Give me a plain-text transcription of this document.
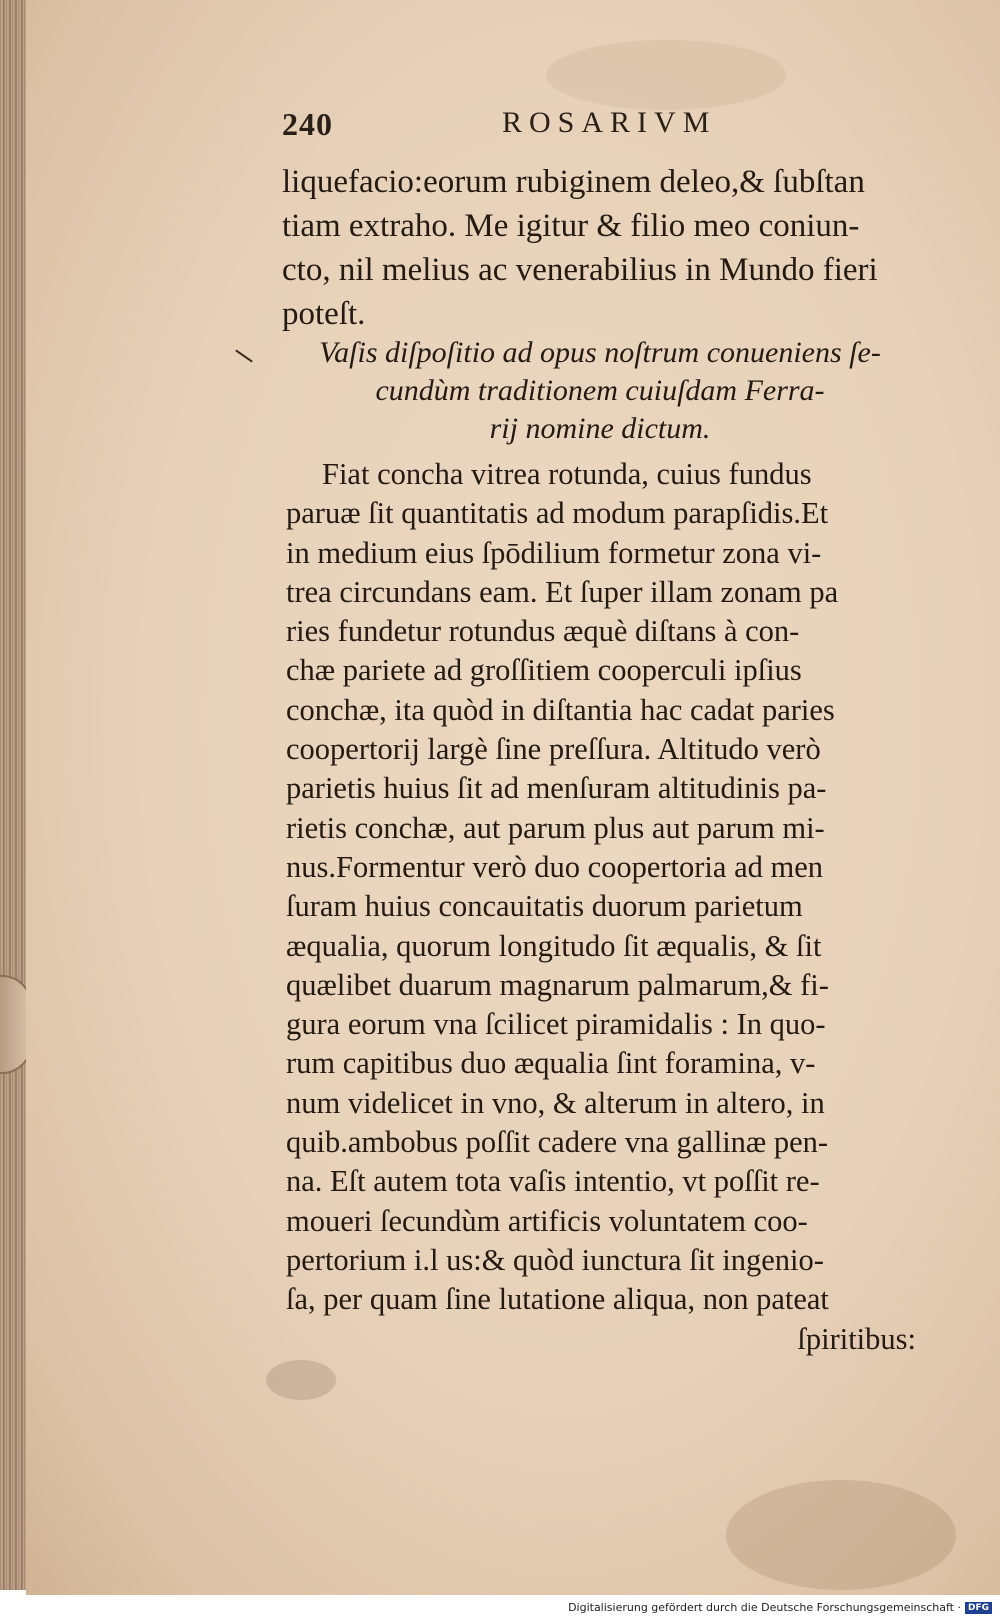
240	ROSARIVM
liquefacio:eorum rubiginem deleo,& ſubſtan
tiam extraho. Me igitur & filio meo coniun-
cto, nil melius ac venerabilius in Mundo fieri
poteſt.
Vaſis diſpoſitio ad opus noſtrum conueniens ſe-
cundùm traditionem cuiuſdam Ferra-
rij nomine dictum.
Fiat concha vitrea rotunda, cuius fundus
paruæ ſit quantitatis ad modum parapſidis.Et
in medium eius ſpōdilium formetur zona vi-
trea circundans eam. Et ſuper illam zonam pa
ries fundetur rotundus æquè diſtans à con-
chæ pariete ad groſſitiem cooperculi ipſius
conchæ, ita quòd in diſtantia hac cadat paries
coopertorij largè ſine preſſura. Altitudo verò
parietis huius ſit ad menſuram altitudinis pa-
rietis conchæ, aut parum plus aut parum mi-
nus.Formentur verò duo coopertoria ad men
ſuram huius concauitatis duorum parietum
æqualia, quorum longitudo ſit æqualis, & ſit
quælibet duarum magnarum palmarum,& fi-
gura eorum vna ſcilicet piramidalis : In quo-
rum capitibus duo æqualia ſint foramina, v-
num videlicet in vno, & alterum in altero, in
quib.ambobus poſſit cadere vna gallinæ pen-
na. Eſt autem tota vaſis intentio, vt poſſit re-
moueri ſecundùm artificis voluntatem coo-
pertorium i.l us:& quòd iunctura ſit ingenio-
ſa, per quam ſine lutatione aliqua, non pateat
ſpiritibus:
Digitalisierung gefördert durch die Deutsche Forschungsgemeinschaft · DFG
